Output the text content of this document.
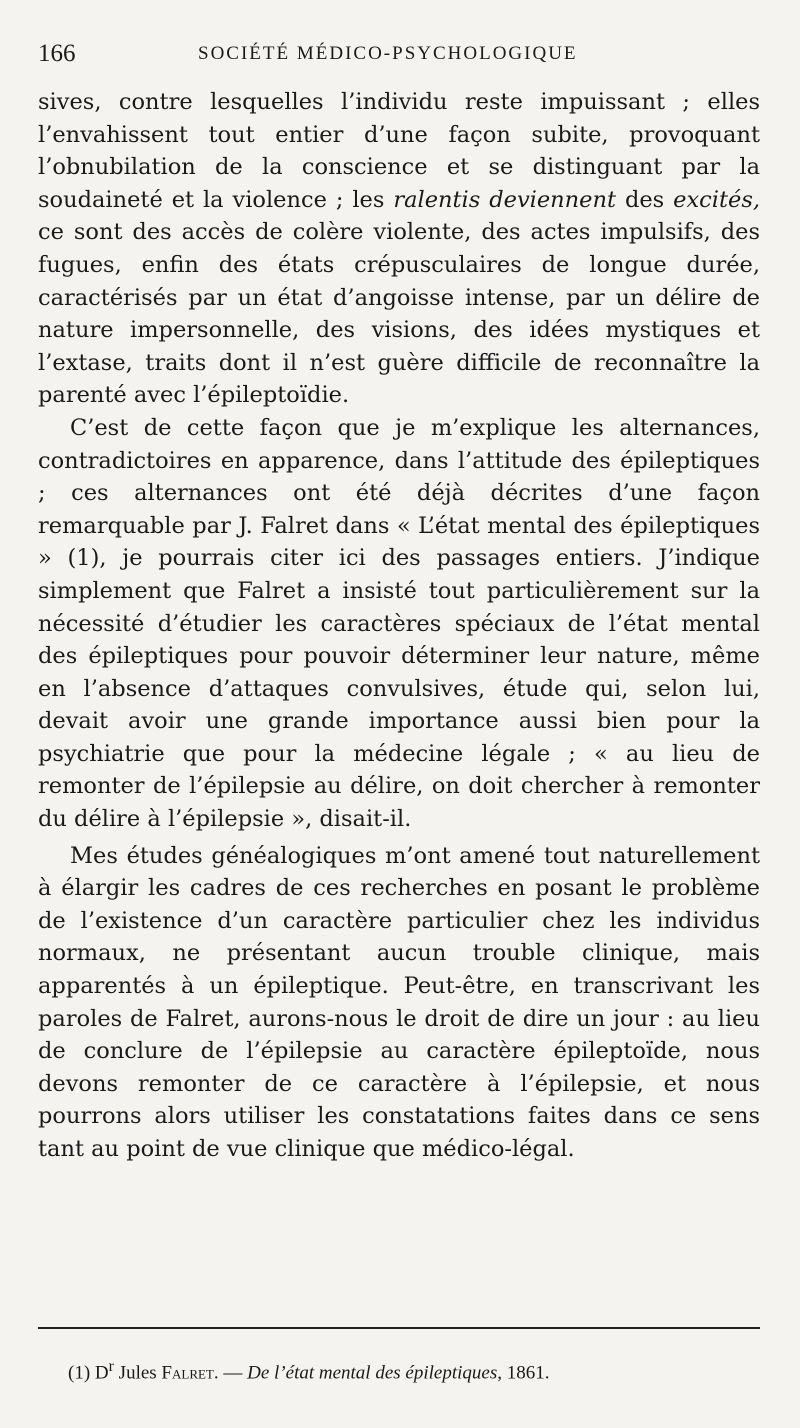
166	SOCIÉTÉ MÉDICO-PSYCHOLOGIQUE

sives, contre lesquelles l’individu reste impuissant ; elles l’envahissent tout entier d’une façon subite, provoquant l’obnubilation de la conscience et se distinguant par la soudaineté et la violence ; les ralentis deviennent des excités, ce sont des accès de colère violente, des actes impulsifs, des fugues, enfin des états crépusculaires de longue durée, caractérisés par un état d’angoisse intense, par un délire de nature impersonnelle, des visions, des idées mystiques et l’extase, traits dont il n’est guère difficile de reconnaître la parenté avec l’épileptoïdie.

C’est de cette façon que je m’explique les alternances, contradictoires en apparence, dans l’attitude des épileptiques ; ces alternances ont été déjà décrites d’une façon remarquable par J. Falret dans « L’état mental des épileptiques » (1), je pourrais citer ici des passages entiers. J’indique simplement que Falret a insisté tout particulièrement sur la nécessité d’étudier les caractères spéciaux de l’état mental des épileptiques pour pouvoir déterminer leur nature, même en l’absence d’attaques convulsives, étude qui, selon lui, devait avoir une grande importance aussi bien pour la psychiatrie que pour la médecine légale ; « au lieu de remonter de l’épilepsie au délire, on doit chercher à remonter du délire à l’épilepsie », disait-il.

Mes études généalogiques m’ont amené tout naturellement à élargir les cadres de ces recherches en posant le problème de l’existence d’un caractère particulier chez les individus normaux, ne présentant aucun trouble clinique, mais apparentés à un épileptique. Peut-être, en transcrivant les paroles de Falret, aurons-nous le droit de dire un jour : au lieu de conclure de l’épilepsie au caractère épileptoïde, nous devons remonter de ce caractère à l’épilepsie, et nous pourrons alors utiliser les constatations faites dans ce sens tant au point de vue clinique que médico-légal.

(1) $D^r$ Jules Falret. — De l’état mental des épileptiques, 1861.
